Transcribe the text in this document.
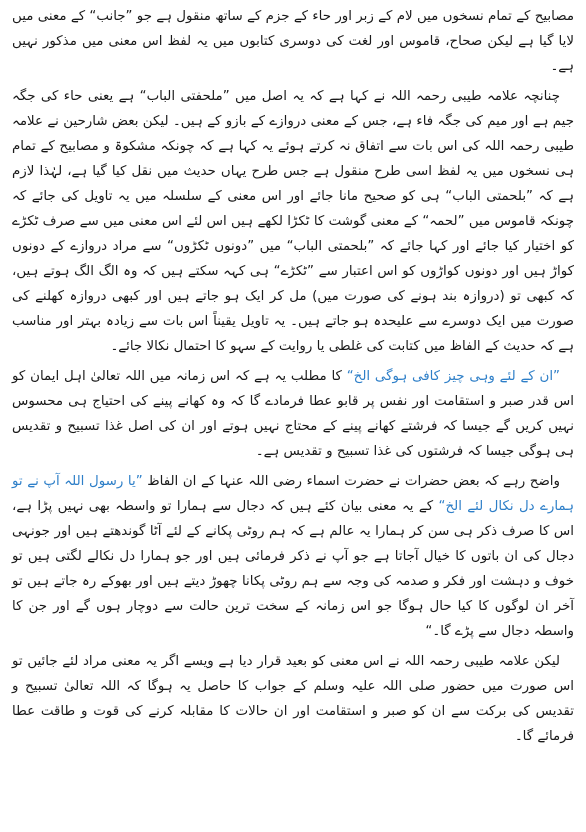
مصابیح کے تمام نسخوں میں لام کے زبر اور حاء کے جزم کے ساتھ منقول ہے جو ”جانب“ کے معنی میں لایا گیا ہے لیکن صحاح، قاموس اور لغت کی دوسری کتابوں میں یہ لفظ اس معنی میں مذکور نہیں ہے۔

چنانچہ علامہ طیبی رحمہ اللہ نے کہا ہے کہ یہ اصل میں ”ملحفتی الباب“ ہے یعنی حاء کی جگہ جیم ہے اور میم کی جگہ فاء ہے، جس کے معنی دروازے کے بازو کے ہیں۔ لیکن بعض شارحین نے علامہ طیبی رحمہ اللہ کی اس بات سے اتفاق نہ کرتے ہوئے یہ کہا ہے کہ چونکہ مشکوۃ و مصابیح کے تمام ہی نسخوں میں یہ لفظ اسی طرح منقول ہے جس طرح یہاں حدیث میں نقل کیا گیا ہے، لہٰذا لازم ہے کہ ”بلحمتی الباب“ ہی کو صحیح مانا جائے اور اس معنی کے سلسلہ میں یہ تاویل کی جائے کہ چونکہ قاموس میں ”لحمہ“ کے معنی گوشت کا ٹکڑا لکھے ہیں اس لئے اس معنی میں سے صرف ٹکڑے کو اختیار کیا جائے اور کہا جائے کہ ”بلحمتی الباب“ میں ”دونوں ٹکڑوں“ سے مراد دروازے کے دونوں کواڑ ہیں اور دونوں کواڑوں کو اس اعتبار سے ”ٹکڑے“ ہی کہہ سکتے ہیں کہ وہ الگ الگ ہوتے ہیں، کہ کبھی تو (دروازہ بند ہونے کی صورت میں) مل کر ایک ہو جاتے ہیں اور کبھی دروازہ کھلنے کی صورت میں ایک دوسرے سے علیحدہ ہو جاتے ہیں۔ یہ تاویل یقیناً اس بات سے زیادہ بہتر اور مناسب ہے کہ حدیث کے الفاظ میں کتابت کی غلطی یا روایت کے سہو کا احتمال نکالا جائے۔

”ان کے لئے وہی چیز کافی ہوگی الخ“ کا مطلب یہ ہے کہ اس زمانہ میں اللہ تعالیٰ اہل ایمان کو اس قدر صبر و استقامت اور نفس پر قابو عطا فرمادے گا کہ وہ کھانے پینے کی احتیاج ہی محسوس نہیں کریں گے جیسا کہ فرشتے کھانے پینے کے محتاج نہیں ہوتے اور ان کی اصل غذا تسبیح و تقدیس ہی ہوگی جیسا کہ فرشتوں کی غذا تسبیح و تقدیس ہے۔

واضح رہے کہ بعض حضرات نے حضرت اسماء رضی اللہ عنہا کے ان الفاظ ”یا رسول اللہ آپ نے تو ہمارے دل نکال لئے الخ“ کے یہ معنی بیان کئے ہیں کہ دجال سے ہمارا تو واسطہ بھی نہیں پڑا ہے، اس کا صرف ذکر ہی سن کر ہمارا یہ عالم ہے کہ ہم روٹی پکانے کے لئے آٹا گوندھتے ہیں اور جونہی دجال کی ان باتوں کا خیال آجاتا ہے جو آپ نے ذکر فرمائی ہیں اور جو ہمارا دل نکالے لگتی ہیں تو خوف و دہشت اور فکر و صدمہ کی وجہ سے ہم روٹی پکانا چھوڑ دیتے ہیں اور بھوکے رہ جاتے ہیں تو آخر ان لوگوں کا کیا حال ہوگا جو اس زمانہ کے سخت ترین حالت سے دوچار ہوں گے اور جن کا واسطہ دجال سے پڑے گا۔“

لیکن علامہ طیبی رحمہ اللہ نے اس معنی کو بعید قرار دیا ہے ویسے اگر یہ معنی مراد لئے جائیں تو اس صورت میں حضور صلی اللہ علیہ وسلم کے جواب کا حاصل یہ ہوگا کہ اللہ تعالیٰ تسبیح و تقدیس کی برکت سے ان کو صبر و استقامت اور ان حالات کا مقابلہ کرنے کی قوت و طاقت عطا فرمائے گا۔
